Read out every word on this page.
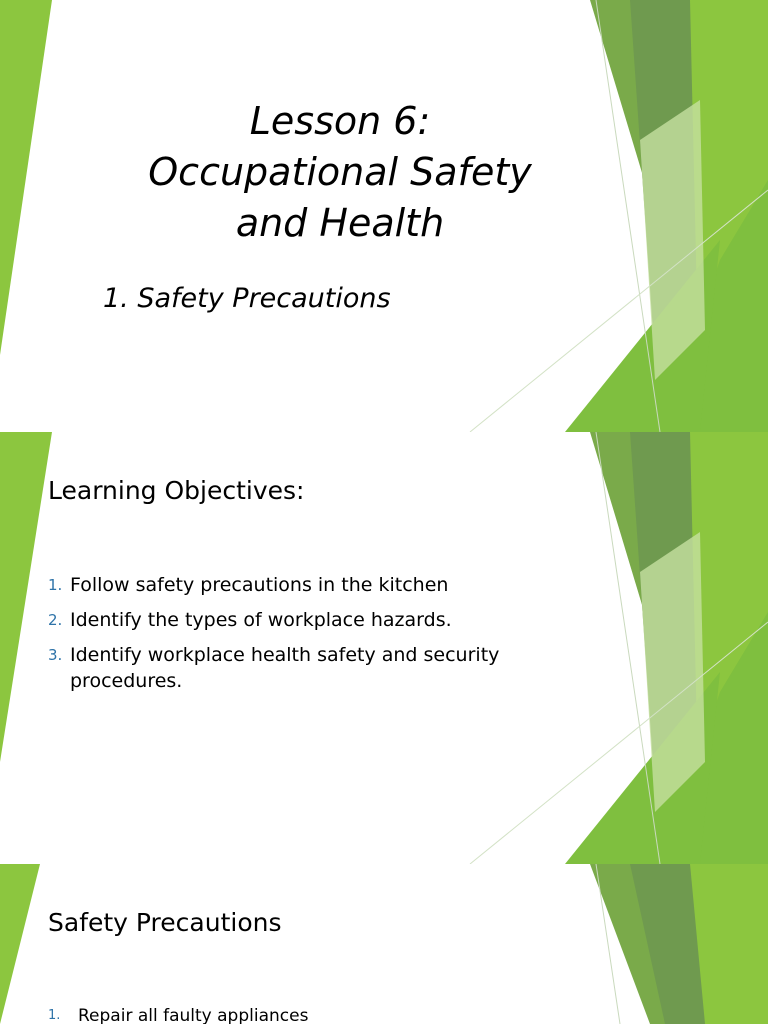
Lesson 6:
Occupational Safety
and Health
1. Safety Precautions
Learning Objectives:
1. Follow safety precautions in the kitchen
2. Identify the types of workplace hazards.
3. Identify workplace health safety and security procedures.
Safety Precautions
1. Repair all faulty appliances
